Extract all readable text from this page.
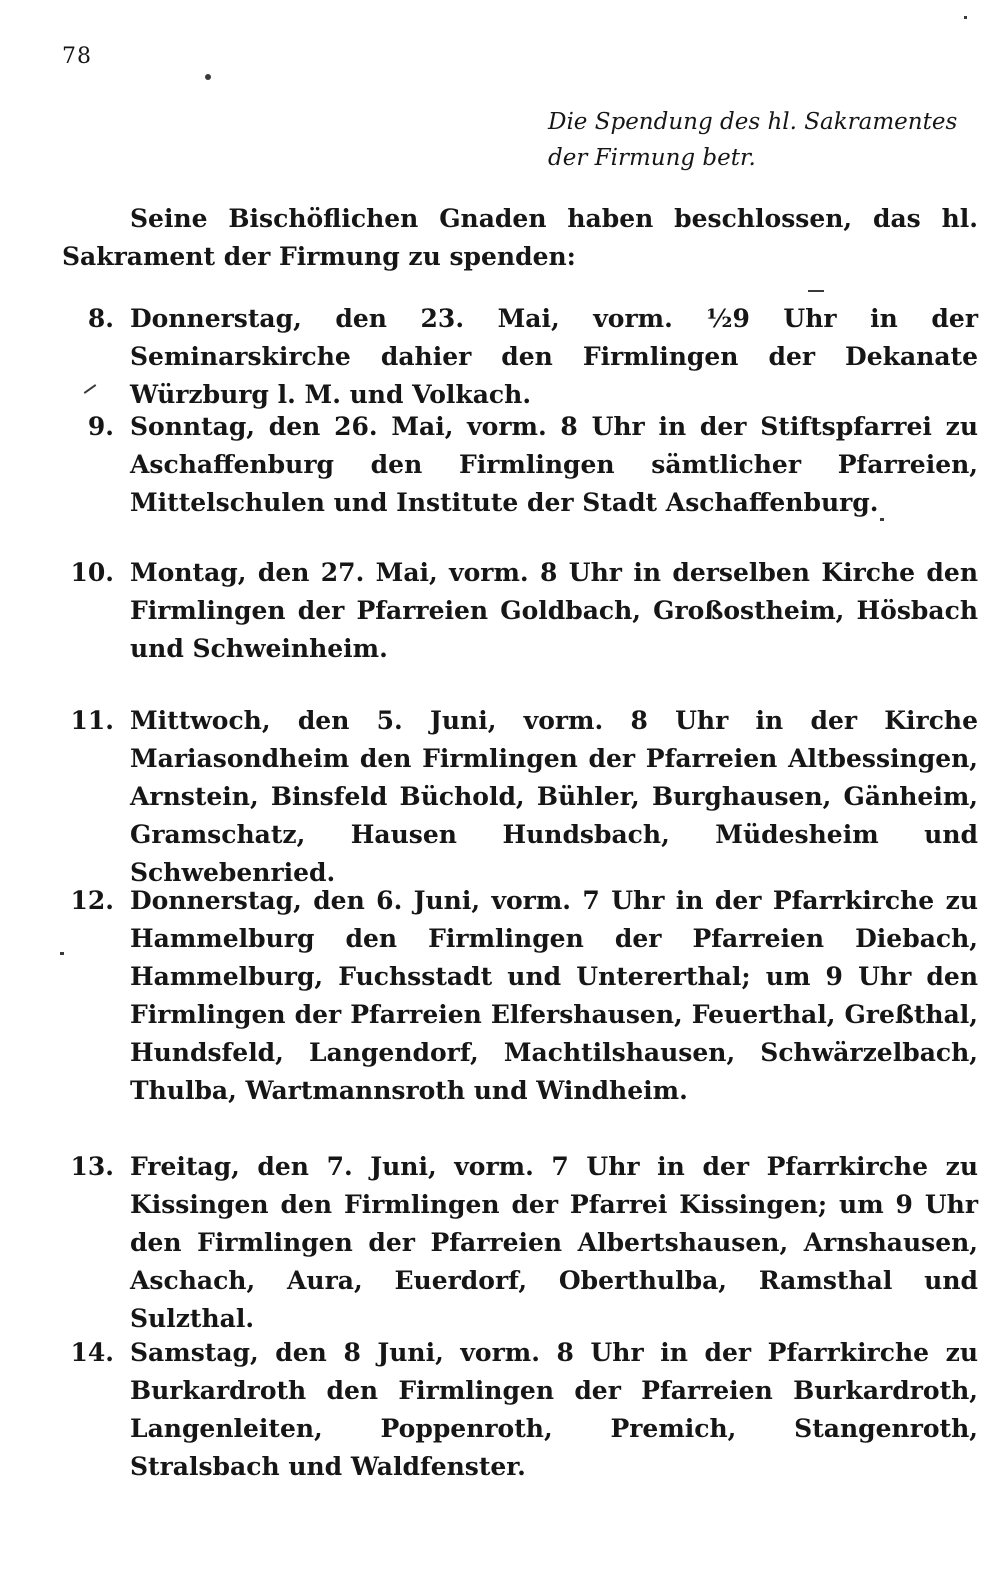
78
Die Spendung des hl. Sakramentes
der Firmung betr.
Seine Bischöflichen Gnaden haben beschlossen, das hl. Sakrament der Firmung zu spenden:
8. Donnerstag, den 23. Mai, vorm. ½9 Uhr in der Seminarskirche dahier den Firmlingen der Dekanate Würzburg l. M. und Volkach.
9. Sonntag, den 26. Mai, vorm. 8 Uhr in der Stiftspfarrei zu Aschaffenburg den Firmlingen sämtlicher Pfarreien, Mittelschulen und Institute der Stadt Aschaffenburg.
10. Montag, den 27. Mai, vorm. 8 Uhr in derselben Kirche den Firmlingen der Pfarreien Goldbach, Großostheim, Hösbach und Schweinheim.
11. Mittwoch, den 5. Juni, vorm. 8 Uhr in der Kirche Mariasondheim den Firmlingen der Pfarreien Altbessingen, Arnstein, Binsfeld Büchold, Bühler, Burghausen, Gänheim, Gramschatz, Hausen Hundsbach, Müdesheim und Schwebenried.
12. Donnerstag, den 6. Juni, vorm. 7 Uhr in der Pfarrkirche zu Hammelburg den Firmlingen der Pfarreien Diebach, Hammelburg, Fuchsstadt und Untererthal; um 9 Uhr den Firmlingen der Pfarreien Elfershausen, Feuerthal, Greßthal, Hundsfeld, Langendorf, Machtilshausen, Schwärzelbach, Thulba, Wartmannsroth und Windheim.
13. Freitag, den 7. Juni, vorm. 7 Uhr in der Pfarrkirche zu Kissingen den Firmlingen der Pfarrei Kissingen; um 9 Uhr den Firmlingen der Pfarreien Albertshausen, Arnshausen, Aschach, Aura, Euerdorf, Oberthulba, Ramsthal und Sulzthal.
14. Samstag, den 8 Juni, vorm. 8 Uhr in der Pfarrkirche zu Burkardroth den Firmlingen der Pfarreien Burkardroth, Langenleiten, Poppenroth, Premich, Stangenroth, Stralsbach und Waldfenster.
